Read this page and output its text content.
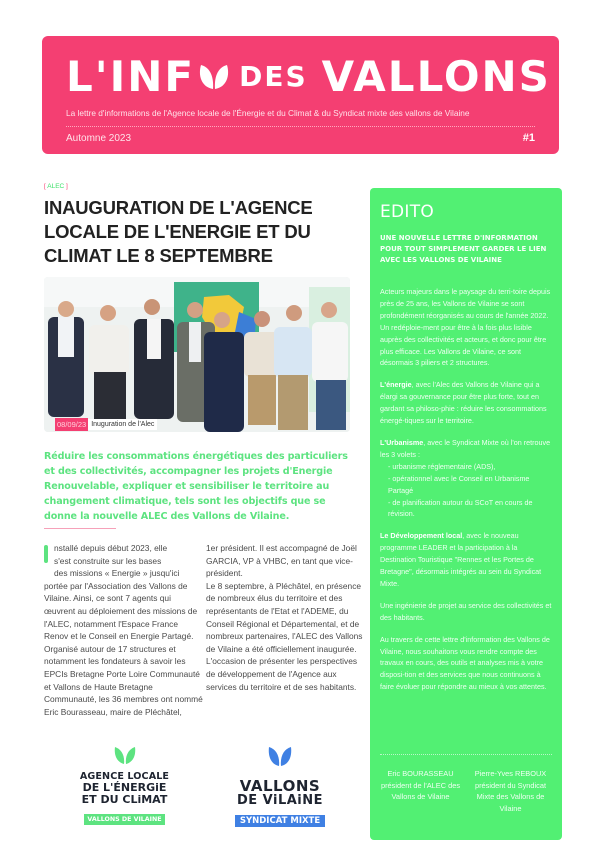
L'INF DES VALLONS
La lettre d'informations de l'Agence locale de l'Énergie et du Climat & du Syndicat mixte des vallons de Vilaine
Automne 2023	#1
[ ALEC ]
INAUGURATION DE L'AGENCE LOCALE DE L'ENERGIE ET DU CLIMAT LE 8 SEPTEMBRE
08/09/23 Inuguration de l'Alec

Réduire les consommations énergétiques des particuliers et des collectivités, accompagner les projets d'Energie Renouvelable, expliquer et sensibiliser le territoire au changement climatique, tels sont les objectifs que se donne la nouvelle ALEC des Vallons de Vilaine.

nstallé depuis début 2023, elle
s'est construite sur les bases
des missions « Energie » jusqu'ici

portée par l'Association des Vallons de Vilaine. Ainsi, ce sont 7 agents qui œuvrent au déploiement des missions de l'ALEC, notamment l'Espace France Renov et le Conseil en Energie Partagé.

Organisé autour de 17 structures et notamment les fondateurs à savoir les EPCIs Bretagne Porte Loire Communauté et Vallons de Haute Bretagne Communauté, les 36 membres ont nommé Eric Bourasseau, maire de Pléchâtel,

1er président. Il est accompagné de Joël GARCIA, VP à VHBC, en tant que vice-président.

Le 8 septembre, à Pléchâtel, en présence de nombreux élus du territoire et des représentants de l'Etat et l'ADEME, du Conseil Régional et Départemental, et de nombreux partenaires, l'ALEC des Vallons de Vilaine a été officiellement inaugurée. L'occasion de présenter les perspectives de développement de l'Agence aux services du territoire et de ses habitants.

AGENCE LOCALE
DE L'ÉNERGiE
ET DU CLiMAT
VALLONS DE VILAINE
VALLONS
DE ViLAiNE
SYNDICAT MIXTE
EDITO
UNE NOUVELLE LETTRE D'INFORMATION POUR TOUT SIMPLEMENT GARDER LE LIEN AVEC LES VALLONS DE VILAINE

Acteurs majeurs dans le paysage du terri-toire depuis près de 25 ans, les Vallons de Vilaine se sont profondément réorganisés au cours de l'année 2022. Un redéploie-ment pour être à la fois plus lisible auprès des collectivités et acteurs, et donc pour être plus efficace. Les Vallons de Vilaine, ce sont désormais 3 piliers et 2 structures.

L'énergie, avec l'Alec des Vallons de Vilaine qui a élargi sa gouvernance pour être plus forte, tout en gardant sa philoso-phie : réduire les consommations énergé-tiques sur le territoire.

L'Urbanisme, avec le Syndicat Mixte où l'on retrouve les 3 volets :
- urbanisme réglementaire (ADS),
- opérationnel avec le Conseil en Urbanisme Partagé
- de planification autour du SCoT en cours de révision.

Le Développement local, avec le nouveau programme LEADER et la participation à la Destination Touristique "Rennes et les Portes de Bretagne", désormais intégrés au sein du Syndicat Mixte.

Une ingénierie de projet au service des collectivités et des habitants.

Au travers de cette lettre d'information des Vallons de Vilaine, nous souhaitons vous rendre compte des travaux en cours, des outils et analyses mis à votre disposi-tion et des services que nous continuons à faire évoluer pour répondre au mieux à vos attentes.

Eric BOURASSEAU
président de l'ALEC des Vallons de Vilaine
Pierre-Yves REBOUX
président du Syndicat Mixte des Vallons de Vilaine
